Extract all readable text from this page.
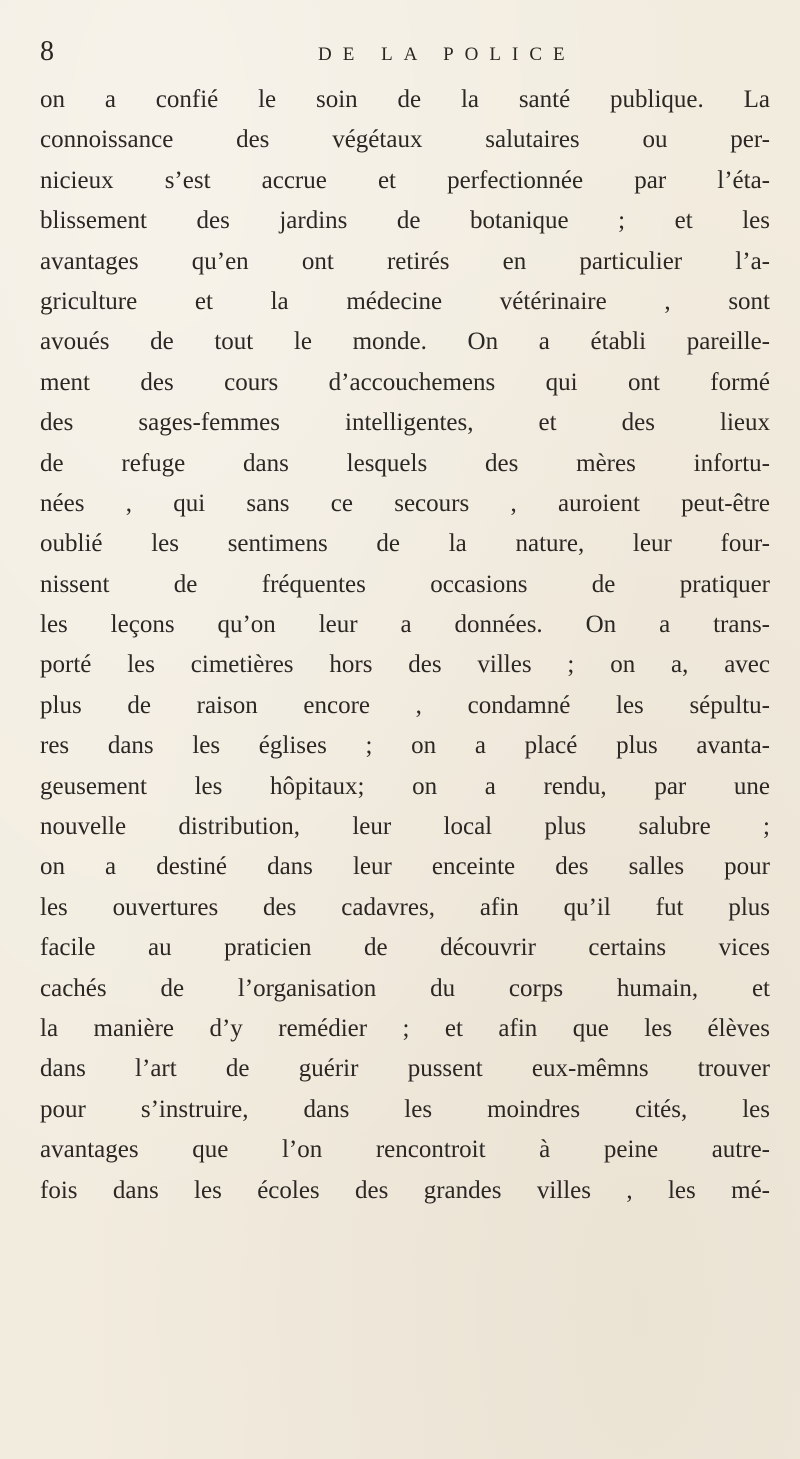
8	DE LA POLICE
on a confié le soin de la santé publique. La
connoissance des végétaux salutaires ou per-
nicieux s’est accrue et perfectionnée par l’éta-
blissement des jardins de botanique ; et les
avantages qu’en ont retirés en particulier l’a-
griculture et la médecine vétérinaire , sont
avoués de tout le monde. On a établi pareille-
ment des cours d’accouchemens qui ont formé
des sages-femmes intelligentes, et des lieux
de refuge dans lesquels des mères infortu-
nées , qui sans ce secours , auroient peut-être
oublié les sentimens de la nature, leur four-
nissent de fréquentes occasions de pratiquer
les leçons qu’on leur a données. On a trans-
porté les cimetières hors des villes ; on a, avec
plus de raison encore , condamné les sépultu-
res dans les églises ; on a placé plus avanta-
geusement les hôpitaux; on a rendu, par une
nouvelle distribution, leur local plus salubre ;
on a destiné dans leur enceinte des salles pour
les ouvertures des cadavres, afin qu’il fut plus
facile au praticien de découvrir certains vices
cachés de l’organisation du corps humain, et
la manière d’y remédier ; et afin que les élèves
dans l’art de guérir pussent eux-mêmns trouver
pour s’instruire, dans les moindres cités, les
avantages que l’on rencontroit à peine autre-
fois dans les écoles des grandes villes , les mé-
